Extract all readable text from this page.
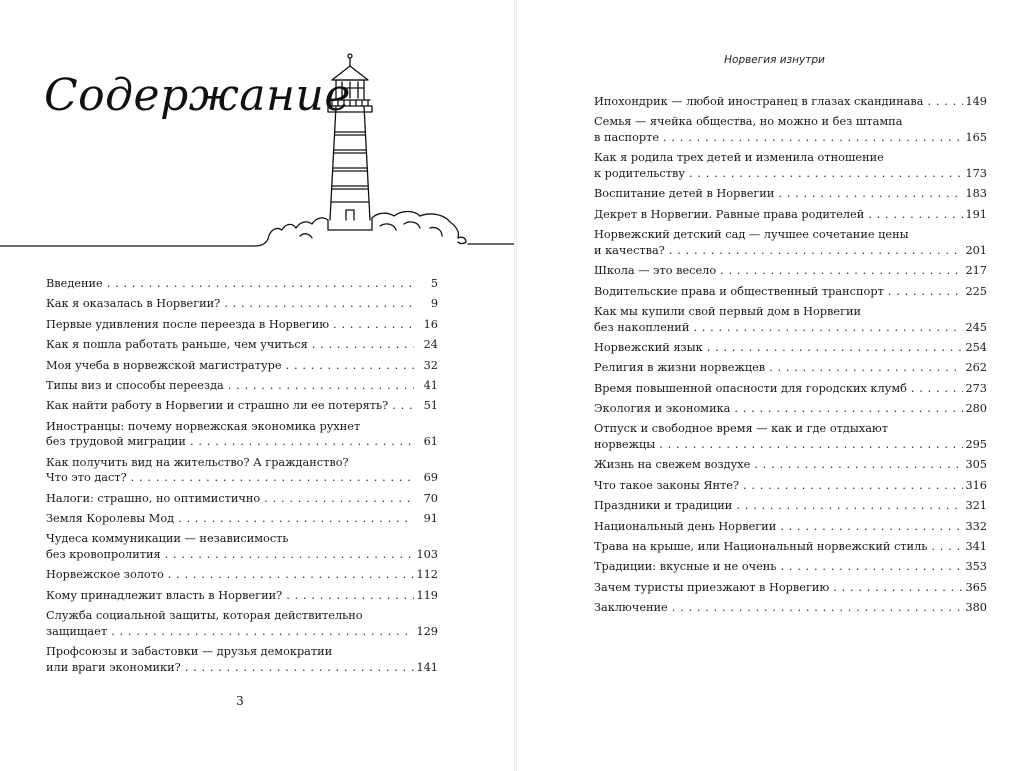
Содержание
Введение . . .	5
Как я оказалась в Норвегии? . . .	9
Первые удивления после переезда в Норвегию . . .	16
Как я пошла работать раньше, чем учиться . . .	24
Моя учеба в норвежской магистратуре . . .	32
Типы виз и способы переезда . . .	41
Как найти работу в Норвегии и страшно ли ее потерять? . . .	51
Иностранцы: почему норвежская экономика рухнет
без трудовой миграции . . .	61
Как получить вид на жительство? А гражданство?
Что это даст? . . .	69
Налоги: страшно, но оптимистично . . .	70
Земля Королевы Мод . . .	91
Чудеса коммуникации — независимость
без кровопролития . . .	103
Норвежское золото . . .	112
Кому принадлежит власть в Норвегии? . . .	119
Служба социальной защиты, которая действительно
защищает . . .	129
Профсоюзы и забастовки — друзья демократии
или враги экономики? . . .	141
3
Норвегия изнутри
Ипохондрик — любой иностранец в глазах скандинава . . .	149
Семья — ячейка общества, но можно и без штампа
в паспорте . . .	165
Как я родила трех детей и изменила отношение
к родительству . . .	173
Воспитание детей в Норвегии . . .	183
Декрет в Норвегии. Равные права родителей . . .	191
Норвежский детский сад — лучшее сочетание цены
и качества? . . .	201
Школа — это весело . . .	217
Водительские права и общественный транспорт . . .	225
Как мы купили свой первый дом в Норвегии
без накоплений . . .	245
Норвежский язык . . .	254
Религия в жизни норвежцев . . .	262
Время повышенной опасности для городских клумб . . .	273
Экология и экономика . . .	280
Отпуск и свободное время — как и где отдыхают
норвежцы . . .	295
Жизнь на свежем воздухе . . .	305
Что такое законы Янте? . . .	316
Праздники и традиции . . .	321
Национальный день Норвегии . . .	332
Трава на крыше, или Национальный норвежский стиль . . .	341
Традиции: вкусные и не очень . . .	353
Зачем туристы приезжают в Норвегию . . .	365
Заключение . . .	380
